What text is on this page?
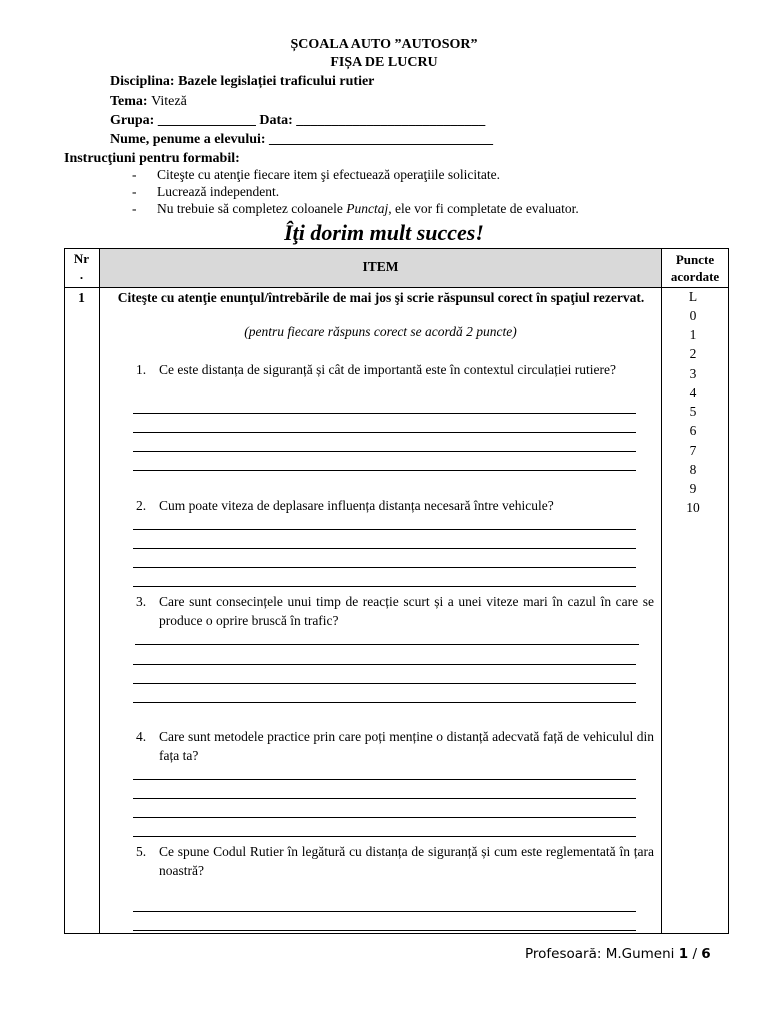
ȘCOALA AUTO ”AUTOSOR”
FIȘA DE LUCRU
Disciplina: Bazele legislației traficului rutier
Tema: Viteză
Grupa: ______________ Data: ___________________________
Nume, penume a elevului: ________________________________
Instrucţiuni pentru formabil:
- Citeşte cu atenţie fiecare item şi efectuează operaţiile solicitate.
- Lucrează independent.
- Nu trebuie să completez coloanele Punctaj, ele vor fi completate de evaluator.
Îţi dorim mult succes!
Nr
.
ITEM	Puncte
acordate
1	Citeşte cu atenţie enunţul/întrebările de mai jos şi scrie răspunsul corect în spaţiul rezervat.
(pentru fiecare răspuns corect se acordă 2 puncte)
1. Ce este distanța de siguranță și cât de importantă este în contextul circulației rutiere?
2. Cum poate viteza de deplasare influența distanța necesară între vehicule?
3. Care sunt consecințele unui timp de reacție scurt și a unei viteze mari în cazul în care se produce o oprire bruscă în trafic?
4. Care sunt metodele practice prin care poți menține o distanță adecvată față de vehiculul din fața ta?
5. Ce spune Codul Rutier în legătură cu distanța de siguranță și cum este reglementată în țara noastră?
L
0
1
2
3
4
5
6
7
8
9
10
Profesoară: M.Gumeni 1 / 6
